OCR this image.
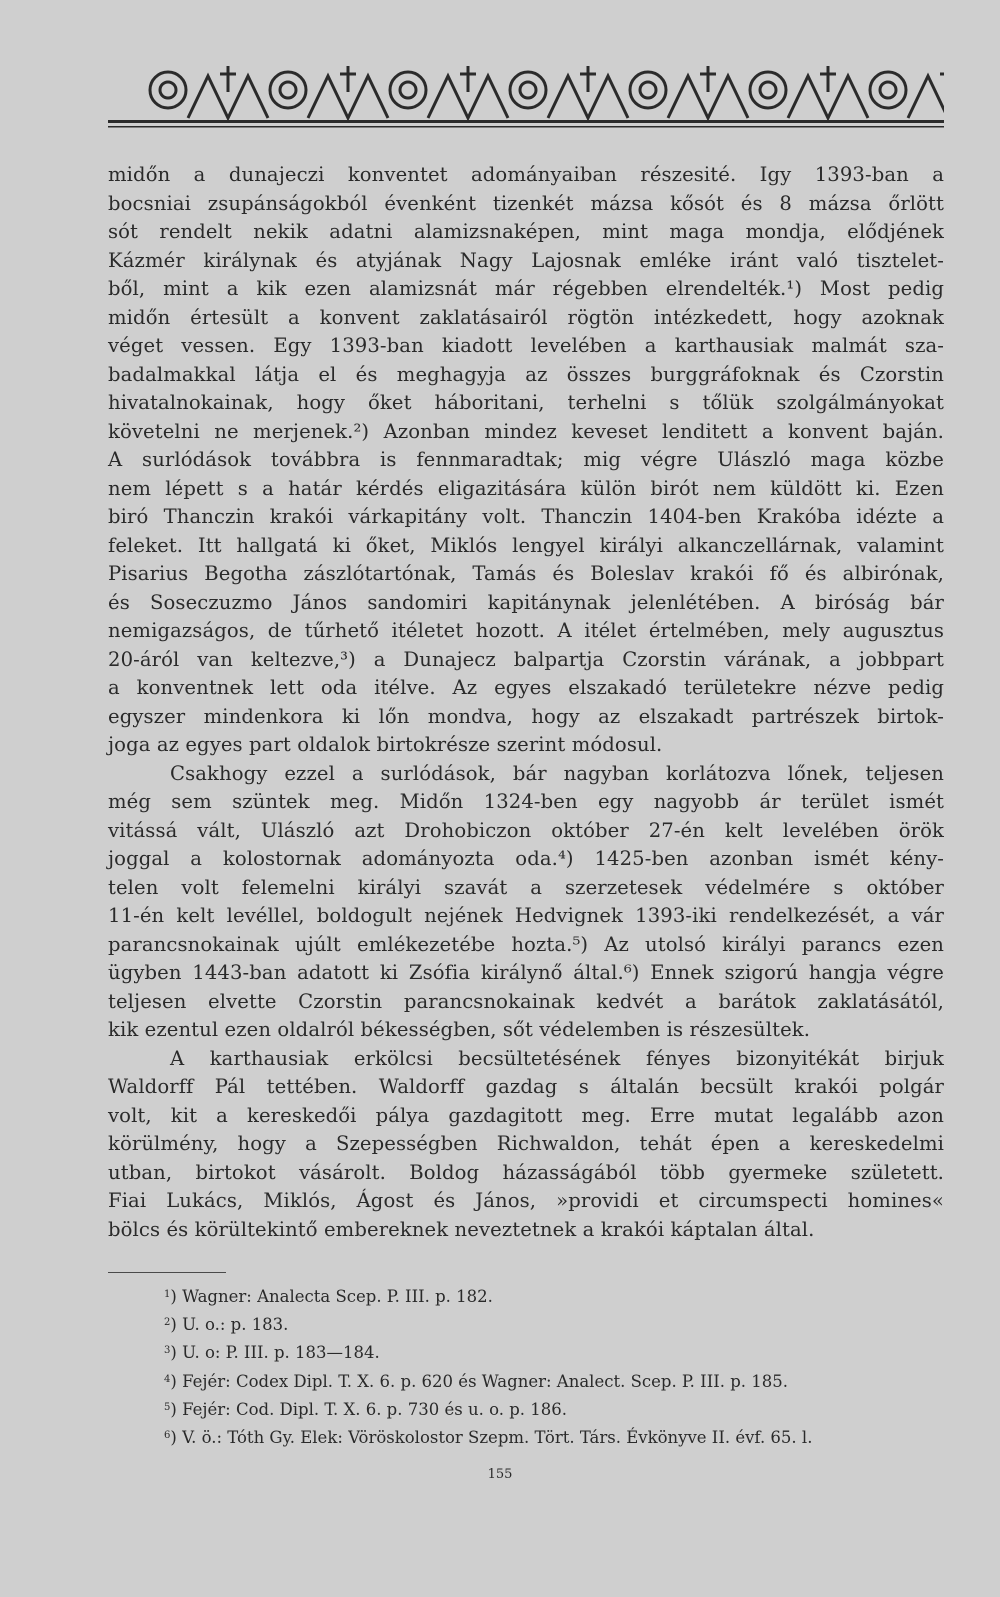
midőn a dunajeczi konventet adományaiban részesité. Igy 1393-ban a
bocsniai zsupánságokból évenként tizenkét mázsa kősót és 8 mázsa őrlött
sót rendelt nekik adatni alamizsnaképen, mint maga mondja, elődjének
Kázmér királynak és atyjának Nagy Lajosnak emléke iránt való tisztelet-
ből, mint a kik ezen alamizsnát már régebben elrendelték.¹) Most pedig
midőn értesült a konvent zaklatásairól rögtön intézkedett, hogy azoknak
véget vessen. Egy 1393-ban kiadott levelében a karthausiak malmát sza-
badalmakkal látja el és meghagyja az összes burggráfoknak és Czorstin
hivatalnokainak, hogy őket háboritani, terhelni s tőlük szolgálmányokat
követelni ne merjenek.²) Azonban mindez keveset lenditett a konvent baján.
A surlódások továbbra is fennmaradtak; mig végre Ulászló maga közbe
nem lépett s a határ kérdés eligazitására külön birót nem küldött ki. Ezen
biró Thanczin krakói várkapitány volt. Thanczin 1404-ben Krakóba idézte a
feleket. Itt hallgatá ki őket, Miklós lengyel királyi alkanczellárnak, valamint
Pisarius Begotha zászlótartónak, Tamás és Boleslav krakói fő és albirónak,
és Soseczuzmo János sandomiri kapitánynak jelenlétében. A biróság bár
nemigazságos, de tűrhető itéletet hozott. A itélet értelmében, mely augusztus
20-áról van keltezve,³) a Dunajecz balpartja Czorstin várának, a jobbpart
a konventnek lett oda itélve. Az egyes elszakadó területekre nézve pedig
egyszer mindenkora ki lőn mondva, hogy az elszakadt partrészek birtok-
joga az egyes part oldalok birtokrésze szerint módosul.
Csakhogy ezzel a surlódások, bár nagyban korlátozva lőnek, teljesen
még sem szüntek meg. Midőn 1324-ben egy nagyobb ár terület ismét
vitássá vált, Ulászló azt Drohobiczon október 27-én kelt levelében örök
joggal a kolostornak adományozta oda.⁴) 1425-ben azonban ismét kény-
telen volt felemelni királyi szavát a szerzetesek védelmére s október
11-én kelt levéllel, boldogult nejének Hedvignek 1393-iki rendelkezését, a vár
parancsnokainak ujúlt emlékezetébe hozta.⁵) Az utolsó királyi parancs ezen
ügyben 1443-ban adatott ki Zsófia királynő által.⁶) Ennek szigorú hangja végre
teljesen elvette Czorstin parancsnokainak kedvét a barátok zaklatásától,
kik ezentul ezen oldalról békességben, sőt védelemben is részesültek.
A karthausiak erkölcsi becsültetésének fényes bizonyitékát birjuk
Waldorff Pál tettében. Waldorff gazdag s általán becsült krakói polgár
volt, kit a kereskedői pálya gazdagitott meg. Erre mutat legalább azon
körülmény, hogy a Szepességben Richwaldon, tehát épen a kereskedelmi
utban, birtokot vásárolt. Boldog házasságából több gyermeke született.
Fiai Lukács, Miklós, Ágost és János, »providi et circumspecti homines«
bölcs és körültekintő embereknek neveztetnek a krakói káptalan által.
$^1$) Wagner: Analecta Scep. P. III. p. 182.
$^2$) U. o.: p. 183.
$^3$) U. o: P. III. p. 183—184.
$^4$) Fejér: Codex Dipl. T. X. 6. p. 620 és Wagner: Analect. Scep. P. III. p. 185.
$^5$) Fejér: Cod. Dipl. T. X. 6. p. 730 és u. o. p. 186.
$^6$) V. ö.: Tóth Gy. Elek: Vöröskolostor Szepm. Tört. Társ. Évkönyve II. évf. 65. l.
155
